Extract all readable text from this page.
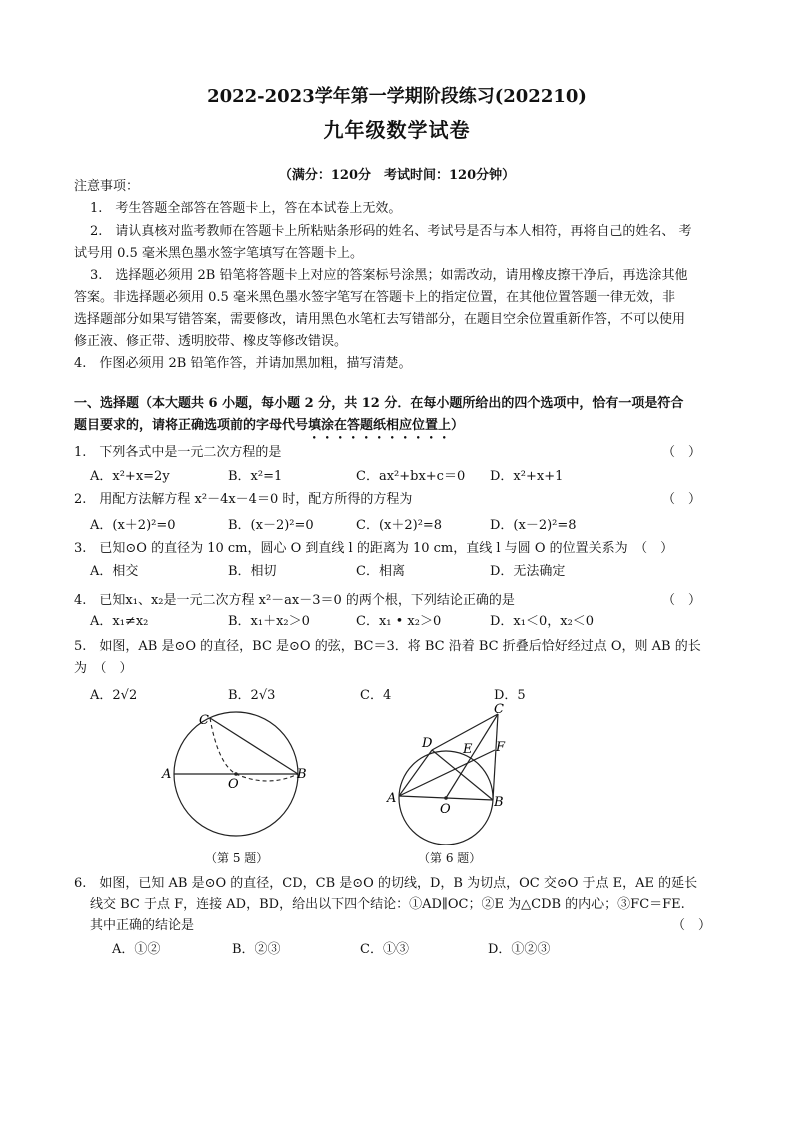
2022-2023学年第一学期阶段练习(202210)
九年级数学试卷
（满分：120分　考试时间：120分钟）
注意事项：
1.　考生答题全部答在答题卡上，答在本试卷上无效。
2.　请认真核对监考教师在答题卡上所粘贴条形码的姓名、考试号是否与本人相符，再将自己的姓名、 考
试号用 0.5 毫米黑色墨水签字笔填写在答题卡上。
3.　选择题必须用 2B 铅笔将答题卡上对应的答案标号涂黑；如需改动，请用橡皮擦干净后，再选涂其他
答案。非选择题必须用 0.5 毫米黑色墨水签字笔写在答题卡上的指定位置，在其他位置答题一律无效，非
选择题部分如果写错答案，需要修改，请用黑色水笔杠去写错部分，在题目空余位置重新作答，不可以使用
修正液、修正带、透明胶带、橡皮等修改错误。
4.　作图必须用 2B 铅笔作答，并请加黑加粗，描写清楚。
一、选择题（本大题共 6 小题，每小题 2 分，共 12 分．在每小题所给出的四个选项中，恰有一项是符合
题目要求的，请将正确选项前的字母代号填涂在答题纸相应位置上）
1.　下列各式中是一元二次方程的是	（　）
A．x²+x=2y	B．x²=1	C．ax²+bx+c＝0 D．x²+x+1
2.　用配方法解方程 x²－4x－4＝0 时，配方所得的方程为	（　）
A．(x＋2)²=0	B．(x－2)²=0	C．(x＋2)²=8	D．(x－2)²=8
3.　已知⊙O 的直径为 10 cm，圆心 O 到直线 l 的距离为 10 cm，直线 l 与圆 O 的位置关系为　（　）
A．相交	B．相切	C．相离	D．无法确定
4.　已知x₁、x₂是一元二次方程 x²－ax－3＝0 的两个根，下列结论正确的是	（　）
A．x₁≠x₂	B．x₁＋x₂＞0	C．x₁ • x₂＞0	D．x₁＜0，x₂＜0
5.　如图，AB 是⊙O 的直径，BC 是⊙O 的弦，BC＝3．将 BC 沿着 BC 折叠后恰好经过点 O，则 AB 的长
为　（　）
A．2√2	B．2√3	C．4	D．5
C
A
O
B
（第 5 题）
C
D E F
A
O	B
（第 6 题）
6.　如图，已知 AB 是⊙O 的直径，CD，CB 是⊙O 的切线，D，B 为切点，OC 交⊙O 于点 E，AE 的延长
线交 BC 于点 F，连接 AD，BD，给出以下四个结论：①AD∥OC；②E 为△CDB 的内心；③FC＝FE.
其中正确的结论是	（　）
A．①②	B．②③	C．①③	D．①②③
